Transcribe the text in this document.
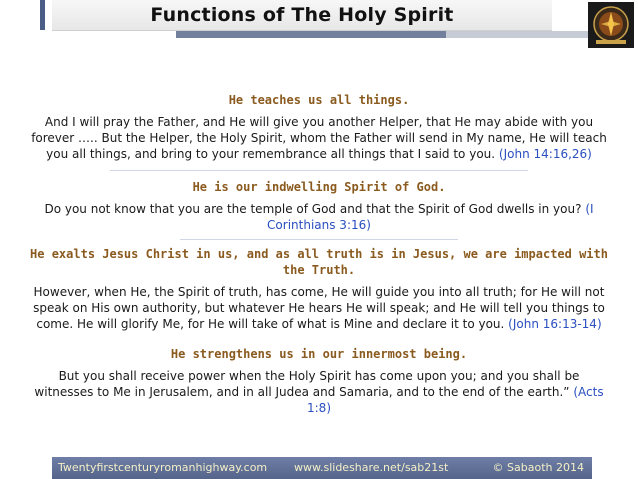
Functions of The Holy Spirit
He teaches us all things.

And I will pray the Father, and He will give you another Helper, that He may abide with you forever ….. But the Helper, the Holy Spirit, whom the Father will send in My name, He will teach you all things, and bring to your remembrance all things that I said to you. (John 14:16,26)

He is our indwelling Spirit of God.

Do you not know that you are the temple of God and that the Spirit of God dwells in you? (I Corinthians 3:16)

He exalts Jesus Christ in us, and as all truth is in Jesus, we are impacted with the Truth.

However, when He, the Spirit of truth, has come, He will guide you into all truth; for He will not speak on His own authority, but whatever He hears He will speak; and He will tell you things to come. He will glorify Me, for He will take of what is Mine and declare it to you. (John 16:13-14)

He strengthens us in our innermost being.

But you shall receive power when the Holy Spirit has come upon you; and you shall be witnesses to Me in Jerusalem, and in all Judea and Samaria, and to the end of the earth.” (Acts 1:8)

Twentyfirstcenturyromanhighway.com www.slideshare.net/sab21st	© Sabaoth 2014
